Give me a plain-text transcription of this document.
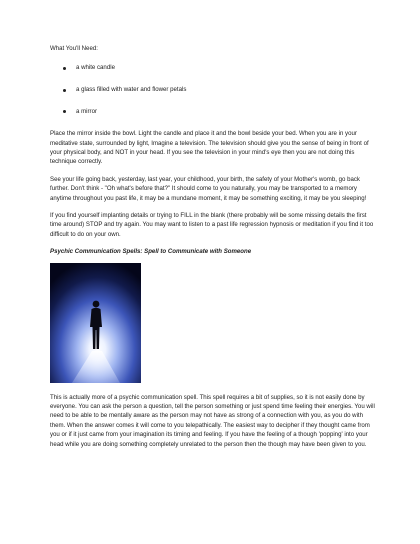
What You'll Need:

a white candle
a glass filled with water and flower petals
a mirror

Place the mirror inside the bowl. Light the candle and place it and the bowl beside your bed. When you are in your meditative state, surrounded by light, Imagine a television. The television should give you the sense of being in front of your physical body, and NOT in your head. If you see the television in your mind's eye then you are not doing this technique correctly.

See your life going back, yesterday, last year, your childhood, your birth, the safety of your Mother's womb, go back further. Don't think - "Oh what's before that?" It should come to you naturally, you may be transported to a memory anytime throughout you past life, it may be a mundane moment, it may be something exciting, it may be you sleeping!

If you find yourself implanting details or trying to FILL in the blank (there probably will be some missing details the first time around) STOP and try again. You may want to listen to a past life regression hypnosis or meditation if you find it too difficult to do on your own.

Psychic Communication Spells: Spell to Communicate with Someone

This is actually more of a psychic communication spell. This spell requires a bit of supplies, so it is not easily done by everyone. You can ask the person a question, tell the person something or just spend time feeling their energies. You will need to be able to be mentally aware as the person may not have as strong of a connection with you, as you do with them. When the answer comes it will come to you telepathically. The easiest way to decipher if they thought came from you or if it just came from your imagination its timing and feeling. If you have the feeling of a though 'popping' into your head while you are doing something completely unrelated to the person then the though may have been given to you.
